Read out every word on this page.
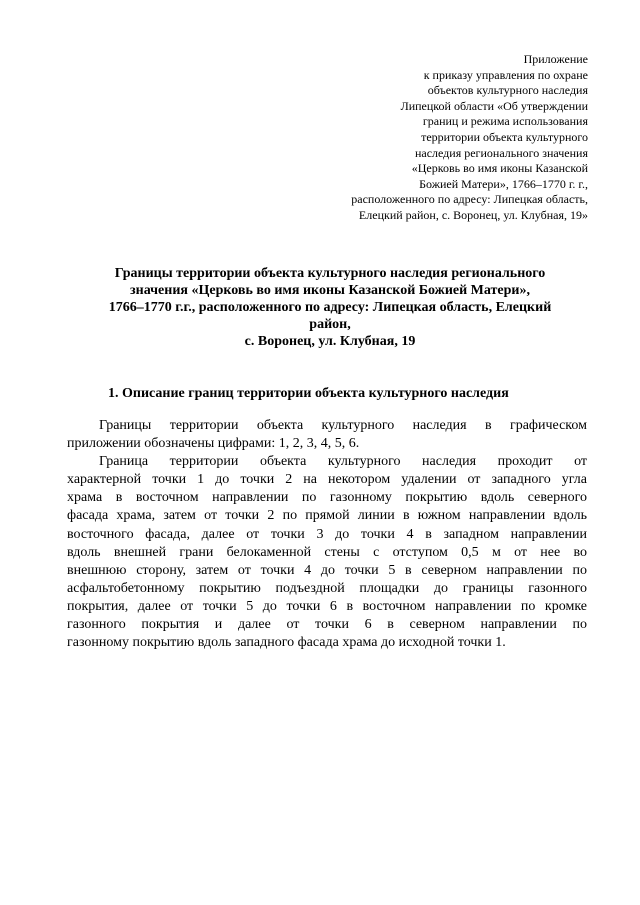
Приложение
к приказу управления по охране
объектов культурного наследия
Липецкой области «Об утверждении
границ и режима использования
территории объекта культурного
наследия регионального значения
«Церковь во имя иконы Казанской
Божией Матери», 1766–1770 г. г.,
расположенного по адресу: Липецкая область,
Елецкий район, с. Воронец, ул. Клубная, 19»
Границы территории объекта культурного наследия регионального
значения «Церковь во имя иконы Казанской Божией Матери»,
1766–1770 г.г., расположенного по адресу: Липецкая область, Елецкий
район,
с. Воронец, ул. Клубная, 19
1. Описание границ территории объекта культурного наследия
Границы территории объекта культурного наследия в графическом
приложении обозначены цифрами: 1, 2, 3, 4, 5, 6.
Граница территории объекта культурного наследия проходит от
характерной точки 1 до точки 2 на некотором удалении от западного угла
храма в восточном направлении по газонному покрытию вдоль северного
фасада храма, затем от точки 2 по прямой линии в южном направлении вдоль
восточного фасада, далее от точки 3 до точки 4 в западном направлении
вдоль внешней грани белокаменной стены с отступом 0,5 м от нее во
внешнюю сторону, затем от точки 4 до точки 5 в северном направлении по
асфальтобетонному покрытию подъездной площадки до границы газонного
покрытия, далее от точки 5 до точки 6 в восточном направлении по кромке
газонного покрытия и далее от точки 6 в северном направлении по
газонному покрытию вдоль западного фасада храма до исходной точки 1.
